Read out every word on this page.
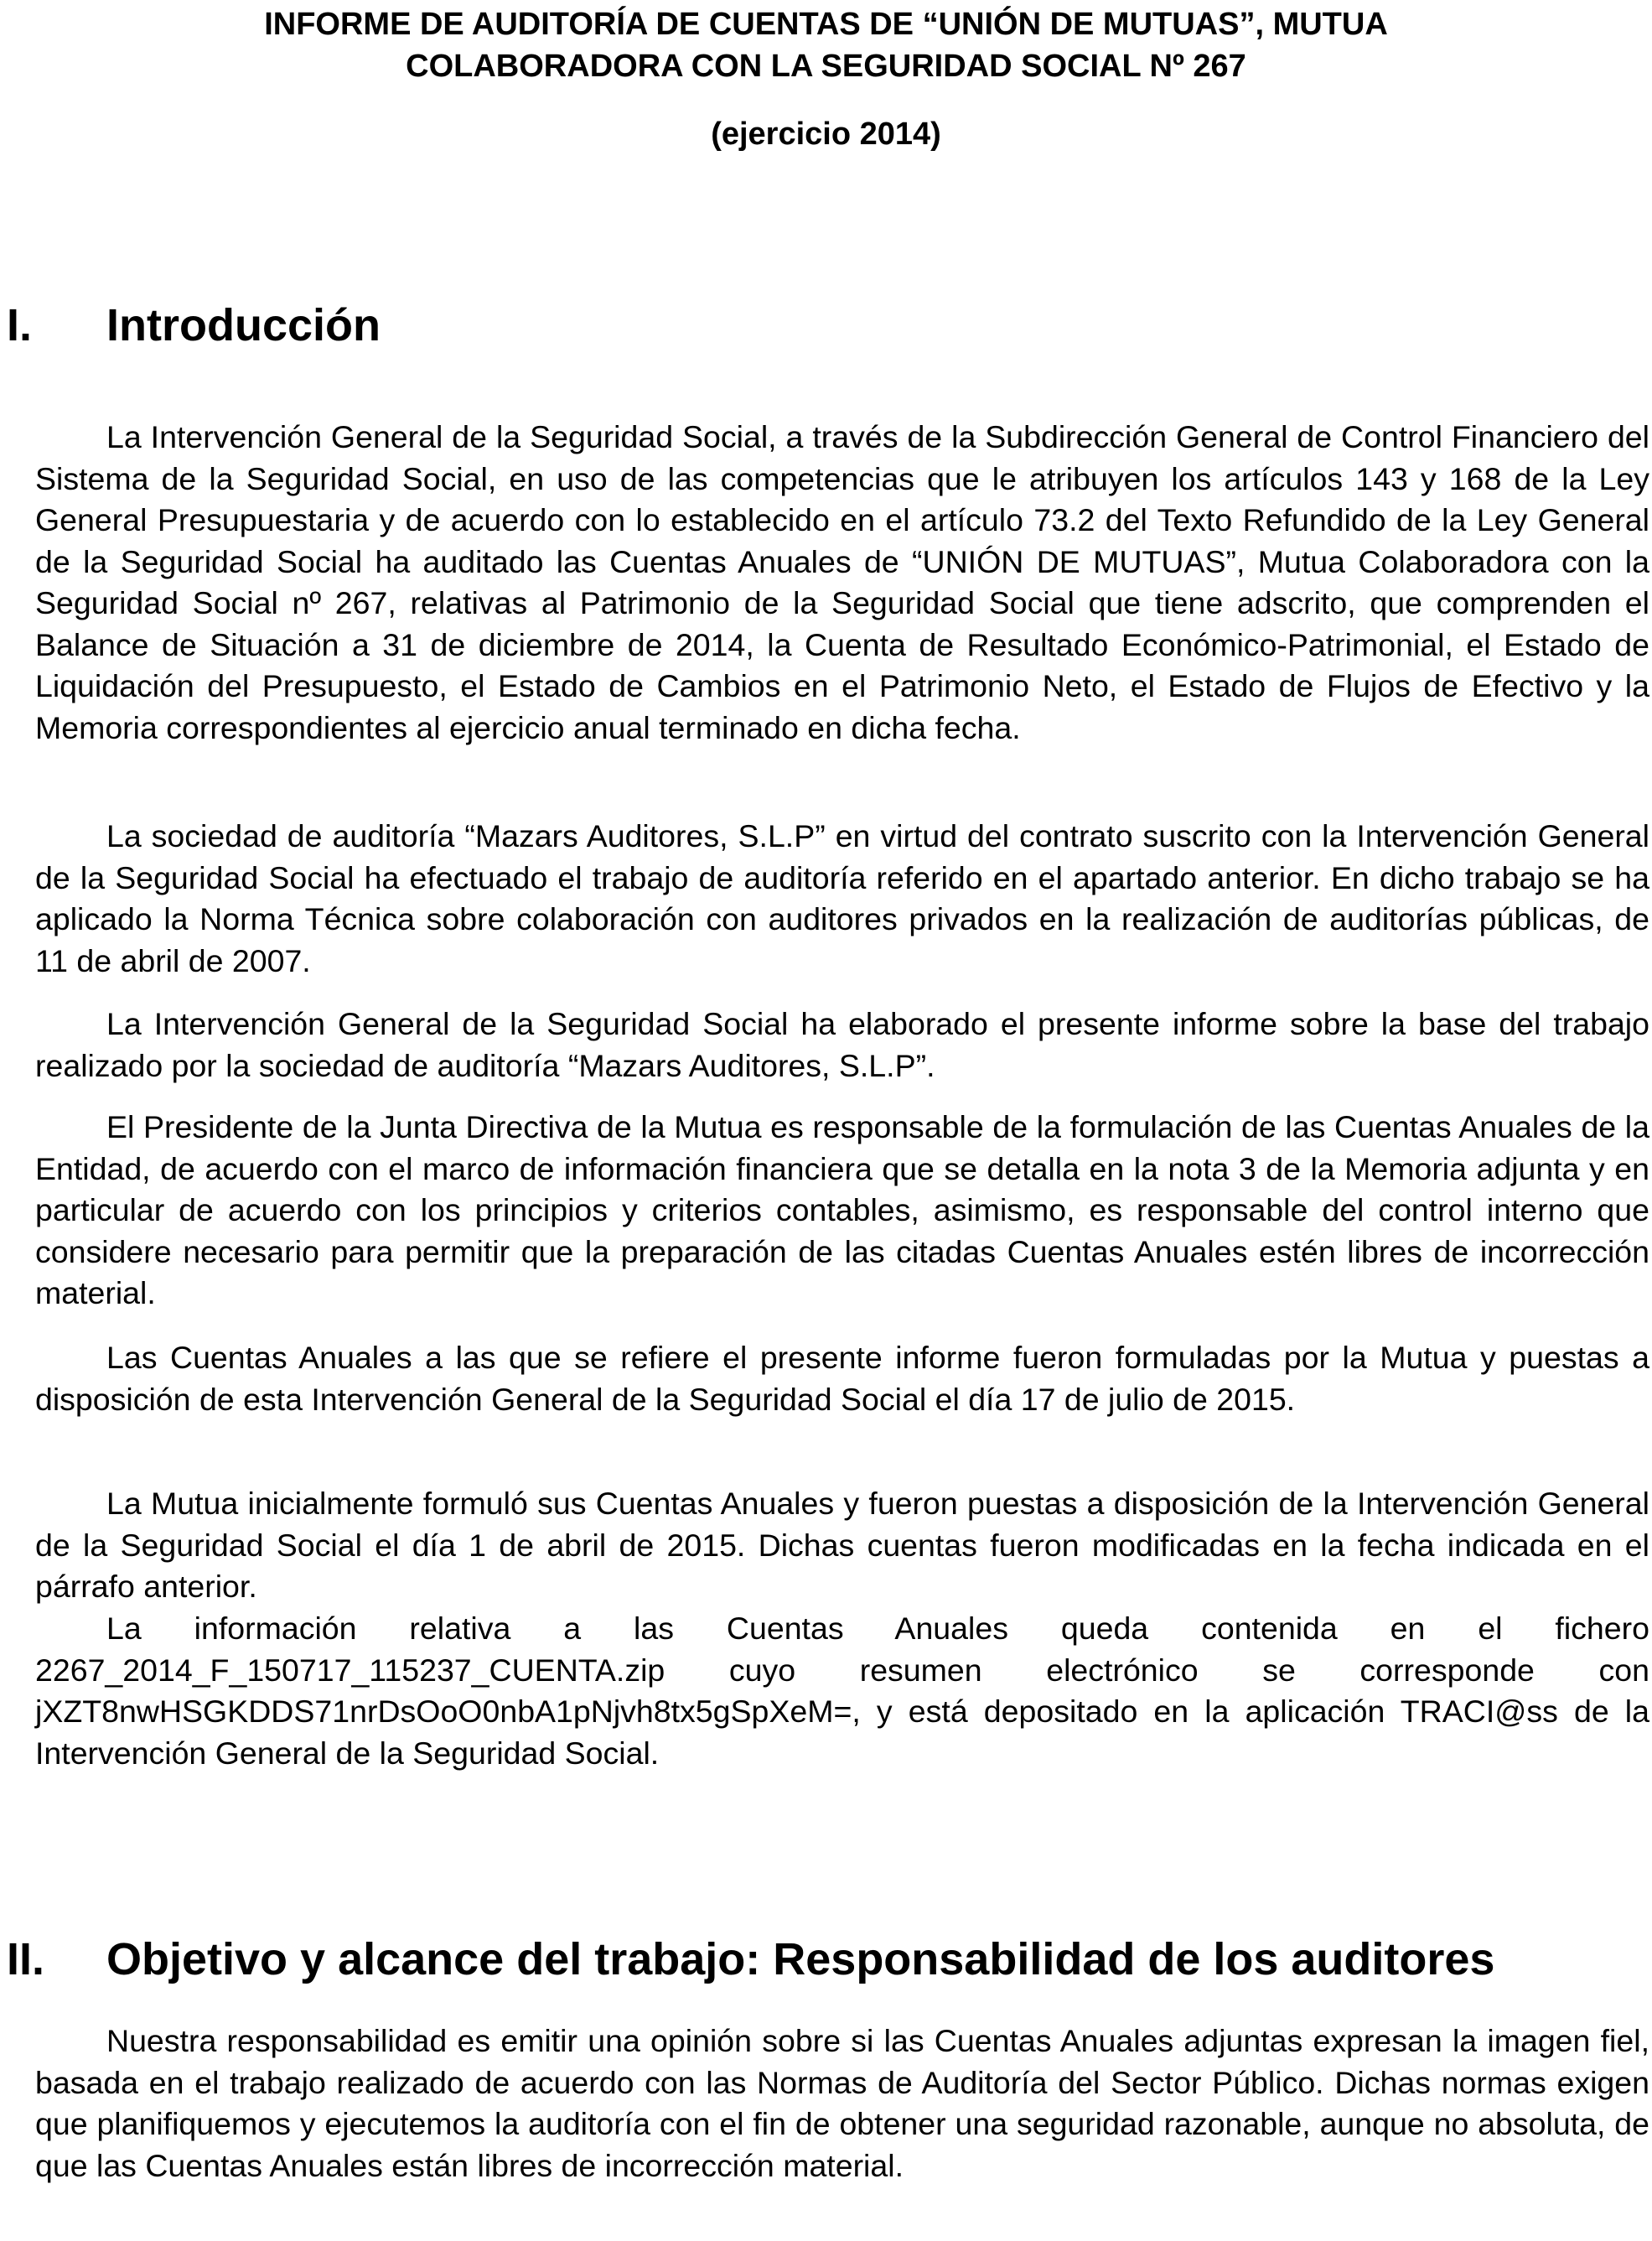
INFORME DE AUDITORÍA DE CUENTAS DE “UNIÓN DE MUTUAS”, MUTUA
COLABORADORA CON LA SEGURIDAD SOCIAL Nº 267
(ejercicio 2014)
I. Introducción

La Intervención General de la Seguridad Social, a través de la Subdirección General de Control Financiero del Sistema de la Seguridad Social, en uso de las competencias que le atribuyen los artículos 143 y 168 de la Ley General Presupuestaria y de acuerdo con lo establecido en el artículo 73.2 del Texto Refundido de la Ley General de la Seguridad Social ha auditado las Cuentas Anuales de “UNIÓN DE MUTUAS”, Mutua Colaboradora con la Seguridad Social nº 267, relativas al Patrimonio de la Seguridad Social que tiene adscrito, que comprenden el Balance de Situación a 31 de diciembre de 2014, la Cuenta de Resultado Económico-Patrimonial, el Estado de Liquidación del Presupuesto, el Estado de Cambios en el Patrimonio Neto, el Estado de Flujos de Efectivo y la Memoria correspondientes al ejercicio anual terminado en dicha fecha.

La sociedad de auditoría “Mazars Auditores, S.L.P” en virtud del contrato suscrito con la Intervención General de la Seguridad Social ha efectuado el trabajo de auditoría referido en el apartado anterior. En dicho trabajo se ha aplicado la Norma Técnica sobre colaboración con auditores privados en la realización de auditorías públicas, de 11 de abril de 2007.

La Intervención General de la Seguridad Social ha elaborado el presente informe sobre la base del trabajo realizado por la sociedad de auditoría “Mazars Auditores, S.L.P”.

El Presidente de la Junta Directiva de la Mutua es responsable de la formulación de las Cuentas Anuales de la Entidad, de acuerdo con el marco de información financiera que se detalla en la nota 3 de la Memoria adjunta y en particular de acuerdo con los principios y criterios contables, asimismo, es responsable del control interno que considere necesario para permitir que la preparación de las citadas Cuentas Anuales estén libres de incorrección material.

Las Cuentas Anuales a las que se refiere el presente informe fueron formuladas por la Mutua y puestas a disposición de esta Intervención General de la Seguridad Social el día 17 de julio de 2015.

La Mutua inicialmente formuló sus Cuentas Anuales y fueron puestas a disposición de la Intervención General de la Seguridad Social el día 1 de abril de 2015. Dichas cuentas fueron modificadas en la fecha indicada en el párrafo anterior.

La información relativa a las Cuentas Anuales queda contenida en el fichero 2267_2014_F_150717_115237_CUENTA.zip cuyo resumen electrónico se corresponde con jXZT8nwHSGKDDS71nrDsOoO0nbA1pNjvh8tx5gSpXeM=, y está depositado en la aplicación TRACI@ss de la Intervención General de la Seguridad Social.

II. Objetivo y alcance del trabajo: Responsabilidad de los auditores

Nuestra responsabilidad es emitir una opinión sobre si las Cuentas Anuales adjuntas expresan la imagen fiel, basada en el trabajo realizado de acuerdo con las Normas de Auditoría del Sector Público. Dichas normas exigen que planifiquemos y ejecutemos la auditoría con el fin de obtener una seguridad razonable, aunque no absoluta, de que las Cuentas Anuales están libres de incorrección material.
